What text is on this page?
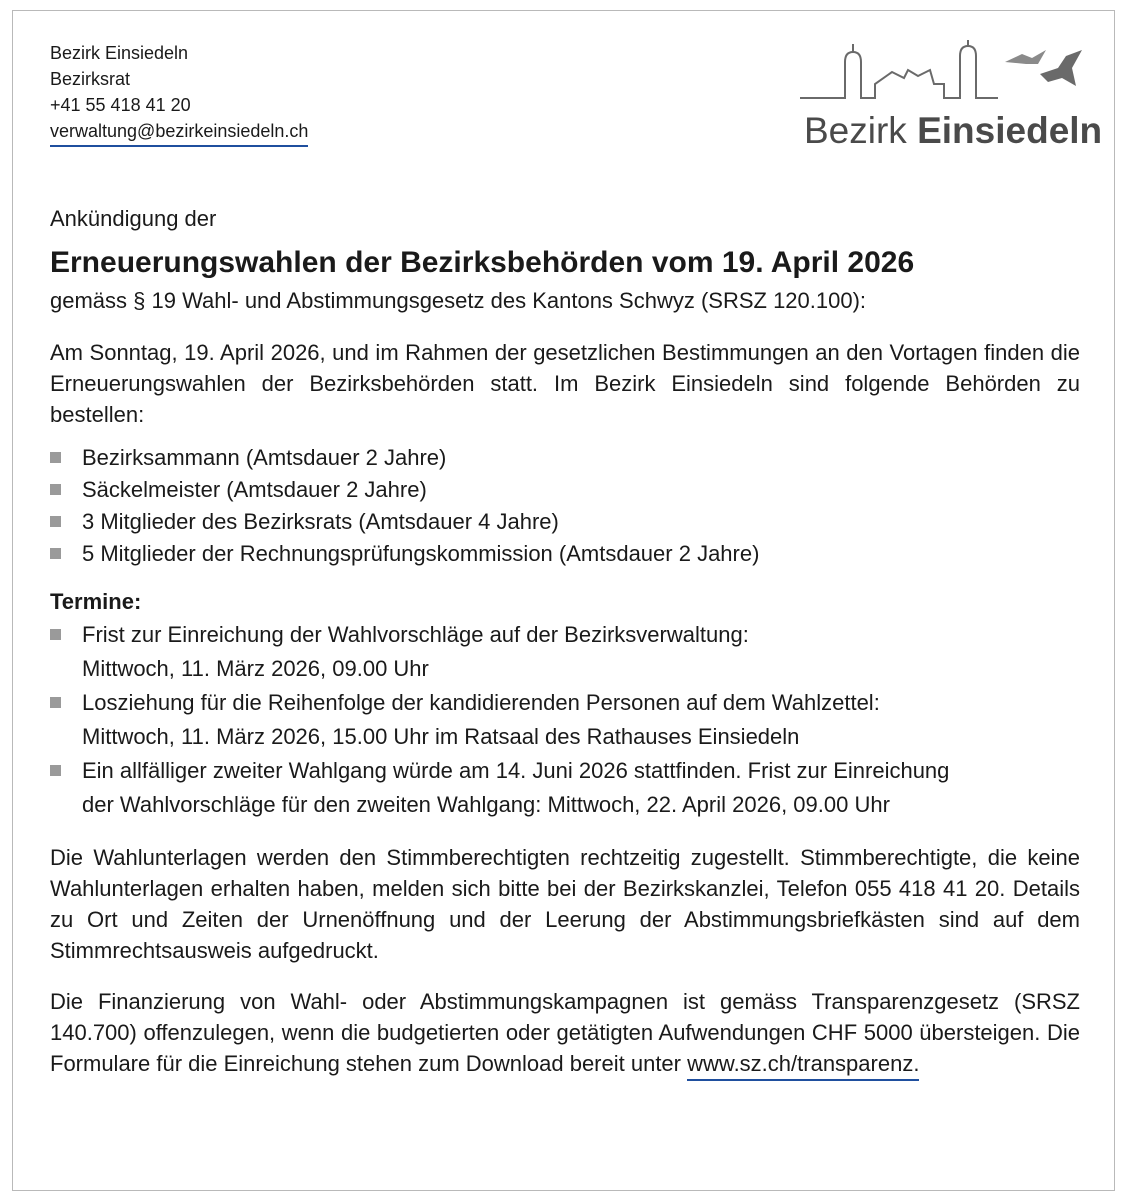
Bezirk Einsiedeln
Bezirksrat
+41 55 418 41 20
verwaltung@bezirkeinsiedeln.ch	Bezirk Einsiedeln

Ankündigung der

Erneuerungswahlen der Bezirksbehörden vom 19. April 2026

gemäss § 19 Wahl- und Abstimmungsgesetz des Kantons Schwyz (SRSZ 120.100):

Am Sonntag, 19. April 2026, und im Rahmen der gesetzlichen Bestimmungen an den Vortagen finden die Erneuerungswahlen der Bezirksbehörden statt. Im Bezirk Einsiedeln sind folgende Behörden zu bestellen:

Bezirksammann (Amtsdauer 2 Jahre)
Säckelmeister (Amtsdauer 2 Jahre)
3 Mitglieder des Bezirksrats (Amtsdauer 4 Jahre)
5 Mitglieder der Rechnungsprüfungskommission (Amtsdauer 2 Jahre)
Termine:
Frist zur Einreichung der Wahlvorschläge auf der Bezirksverwaltung:
Mittwoch, 11. März 2026, 09.00 Uhr
Losziehung für die Reihenfolge der kandidierenden Personen auf dem Wahlzettel:
Mittwoch, 11. März 2026, 15.00 Uhr im Ratsaal des Rathauses Einsiedeln
Ein allfälliger zweiter Wahlgang würde am 14. Juni 2026 stattfinden. Frist zur Einreichung
der Wahlvorschläge für den zweiten Wahlgang: Mittwoch, 22. April 2026, 09.00 Uhr

Die Wahlunterlagen werden den Stimmberechtigten rechtzeitig zugestellt. Stimmberechtigte, die keine Wahlunterlagen erhalten haben, melden sich bitte bei der Bezirkskanzlei, Telefon 055 418 41 20. Details zu Ort und Zeiten der Urnenöffnung und der Leerung der Abstimmungsbriefkästen sind auf dem Stimmrechtsausweis aufgedruckt.

Die Finanzierung von Wahl- oder Abstimmungskampagnen ist gemäss Transparenzgesetz (SRSZ 140.700) offenzulegen, wenn die budgetierten oder getätigten Aufwendungen CHF 5000 übersteigen. Die Formulare für die Einreichung stehen zum Download bereit unter www.sz.ch/transparenz.
